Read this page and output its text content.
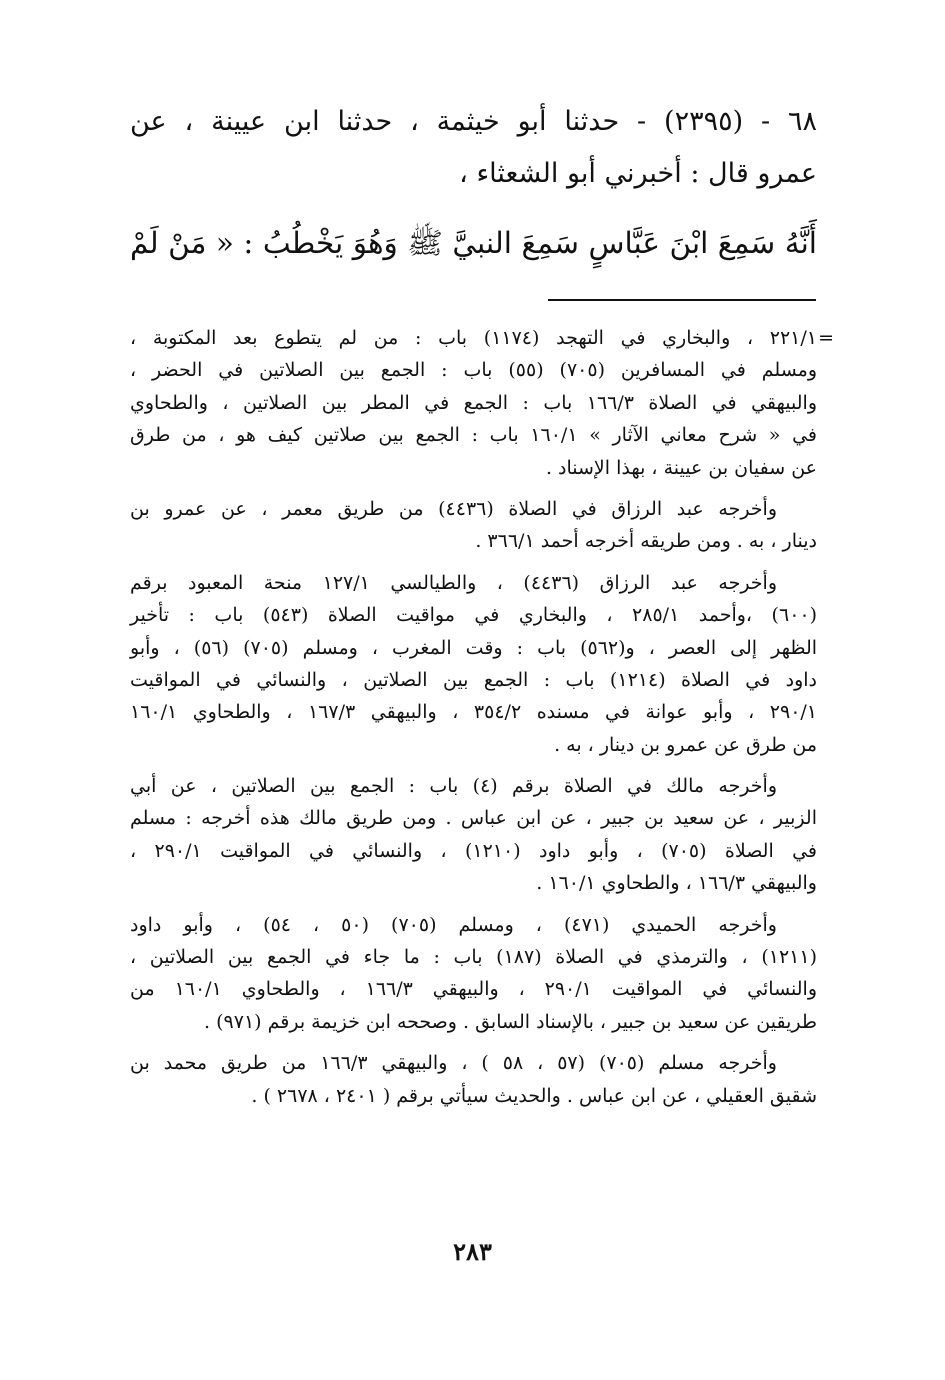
٦٨ - (٢٣٩٥) - حدثنا أبو خيثمة ، حدثنا ابن عيينة ، عن
عمرو قال : أخبرني أبو الشعثاء ،
أَنَّهُ سَمِعَ ابْنَ عَبَّاسٍ سَمِعَ النبيَّ ﷺ وَهُوَ يَخْطُبُ : « مَنْ لَمْ
=
٢٢١/١ ، والبخاري في التهجد (١١٧٤) باب : من لم يتطوع بعد المكتوبة ،
ومسلم في المسافرين (٧٠٥) (٥٥) باب : الجمع بين الصلاتين في الحضر ،
والبيهقي في الصلاة ١٦٦/٣ باب : الجمع في المطر بين الصلاتين ، والطحاوي
في « شرح معاني الآثار » ١٦٠/١ باب : الجمع بين صلاتين كيف هو ، من طرق
عن سفيان بن عيينة ، بهذا الإسناد .
وأخرجه عبد الرزاق في الصلاة (٤٤٣٦) من طريق معمر ، عن عمرو بن
دينار ، به . ومن طريقه أخرجه أحمد ٣٦٦/١ .
وأخرجه عبد الرزاق (٤٤٣٦) ، والطيالسي ١٢٧/١ منحة المعبود برقم
(٦٠٠) ،وأحمد ٢٨٥/١ ، والبخاري في مواقيت الصلاة (٥٤٣) باب : تأخير
الظهر إلى العصر ، و(٥٦٢) باب : وقت المغرب ، ومسلم (٧٠٥) (٥٦) ، وأبو
داود في الصلاة (١٢١٤) باب : الجمع بين الصلاتين ، والنسائي في المواقيت
٢٩٠/١ ، وأبو عوانة في مسنده ٣٥٤/٢ ، والبيهقي ١٦٧/٣ ، والطحاوي ١٦٠/١
من طرق عن عمرو بن دينار ، به .
وأخرجه مالك في الصلاة برقم (٤) باب : الجمع بين الصلاتين ، عن أبي
الزبير ، عن سعيد بن جبير ، عن ابن عباس . ومن طريق مالك هذه أخرجه : مسلم
في الصلاة (٧٠٥) ، وأبو داود (١٢١٠) ، والنسائي في المواقيت ٢٩٠/١ ،
والبيهقي ١٦٦/٣ ، والطحاوي ١٦٠/١ .
وأخرجه الحميدي (٤٧١) ، ومسلم (٧٠٥) (٥٠ ، ٥٤) ، وأبو داود
(١٢١١) ، والترمذي في الصلاة (١٨٧) باب : ما جاء في الجمع بين الصلاتين ،
والنسائي في المواقيت ٢٩٠/١ ، والبيهقي ١٦٦/٣ ، والطحاوي ١٦٠/١ من
طريقين عن سعيد بن جبير ، بالإسناد السابق . وصححه ابن خزيمة برقم (٩٧١) .
وأخرجه مسلم (٧٠٥) (٥٧ ، ٥٨ ) ، والبيهقي ١٦٦/٣ من طريق محمد بن
شقيق العقيلي ، عن ابن عباس . والحديث سيأتي برقم ( ٢٤٠١ ، ٢٦٧٨ ) .
٢٨٣
